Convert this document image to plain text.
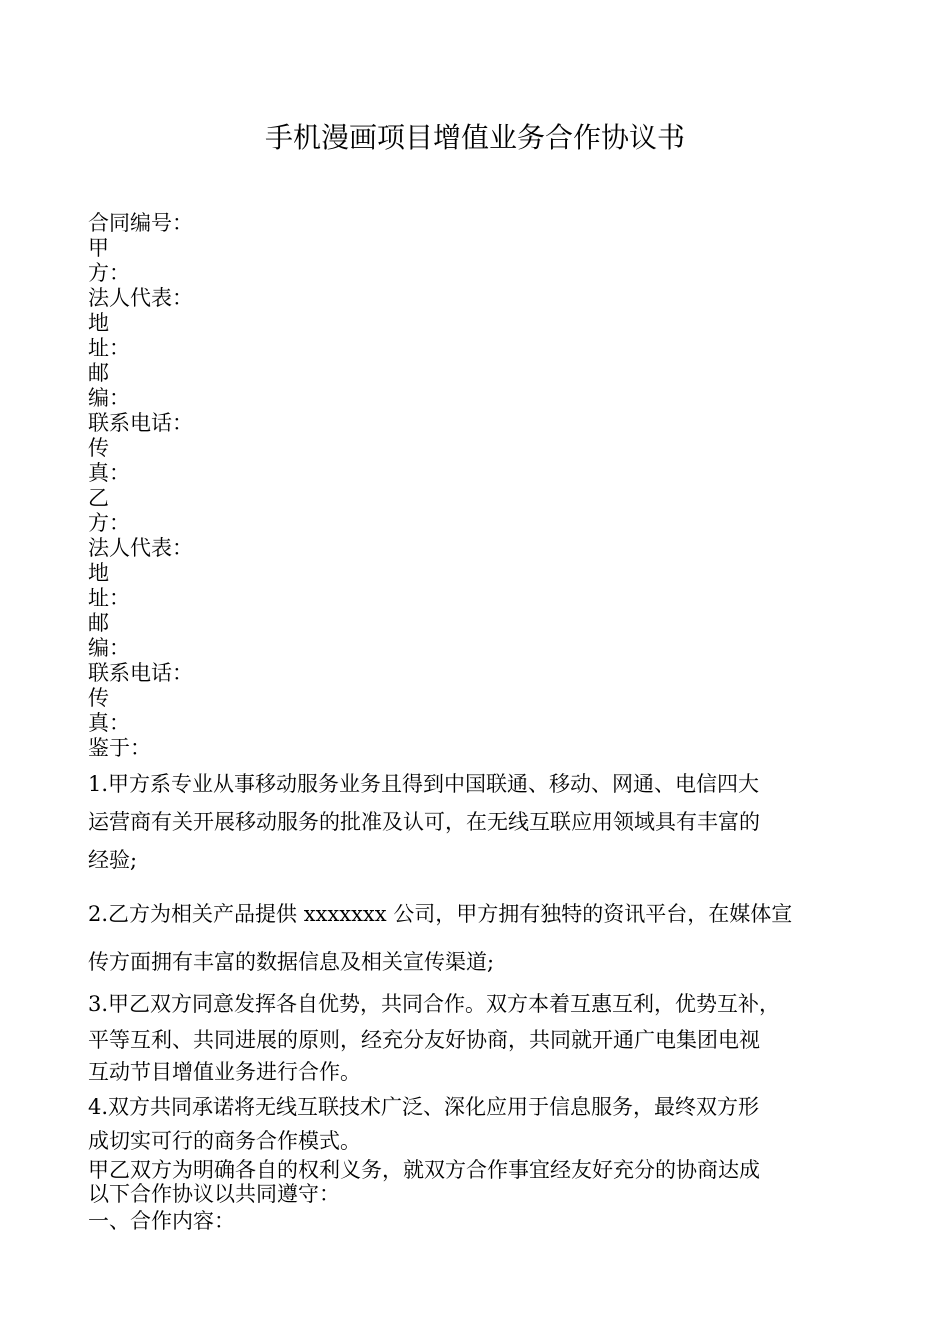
手机漫画项目增值业务合作协议书
合同编号：
甲
方：
法人代表：
地
址：
邮
编：
联系电话：
传
真：
乙
方：
法人代表：
地
址：
邮
编：
联系电话：
传
真：
鉴于：
1.甲方系专业从事移动服务业务且得到中国联通、移动、网通、电信四大
运营商有关开展移动服务的批准及认可，在无线互联应用领域具有丰富的
经验;
2.乙方为相关产品提供 xxxxxxx 公司，甲方拥有独特的资讯平台，在媒体宣
传方面拥有丰富的数据信息及相关宣传渠道;
3.甲乙双方同意发挥各自优势，共同合作。双方本着互惠互利，优势互补，
平等互利、共同进展的原则，经充分友好协商，共同就开通广电集团电视
互动节目增值业务进行合作。
4.双方共同承诺将无线互联技术广泛、深化应用于信息服务，最终双方形
成切实可行的商务合作模式。
甲乙双方为明确各自的权利义务，就双方合作事宜经友好充分的协商达成
以下合作协议以共同遵守：
一、合作内容：
